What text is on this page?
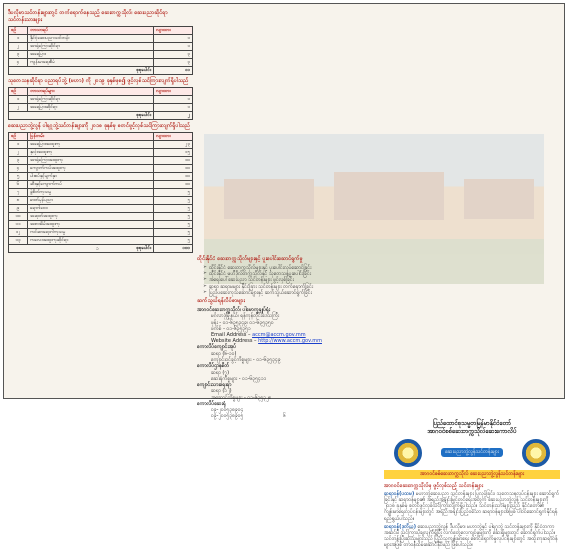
ဒီပလိုမာသင်တန်းများတွင် တက်ရောက်နေသည့် ဆေးတက္ကသိုလ်၊ ဆေးပညာဆိုင်ရာ သင်တန်းသားများ
စဉ်	ဘာသာရပ်	လျာထား
၁	နိုင်ငံ့ဆေးပညာသင်တန်း	၁
၂	အာရုံကြောဆိုင်ရာ	၁
၃	အရေပြား	၃
၄	ကျန်းမာရေးစီမံ	၃
စုစုပေါင်း		၁၁
သုတေသနဆိုင်ရာ ပညာရပ်ဘွဲ့ (မဟာ) ကို ၂၀၁၉ ခုနှစ်မှစ၍ ဖွင့်လှစ်သင်ကြားလျက်ရှိပါသည်
စဉ်	ဘာသာရပ်များ	လျာထား
၁	အာရုံကြောဆိုင်ရာ	၁
၂	အရေပြားဆိုင်ရာ	၁
စုစုပေါင်း		၂
ဆေးပညာဘွဲ့လွန် ပါရဂူဘွဲ့သင်တန်းများကို ၂၀၁၈ ခုနှစ်မှ စတင်ဖွင့်လှစ်သင်ကြားလျက်ရှိပါသည်
စဉ်	ပြန်တမ်း	လျာထား
၁	အရေပြားအထူးကု	၂၃
၂	နှလုံးအထူးကု	၁၅
၃	အာရုံကြောအထူးကု	၁၀
၄	ကျောက်ကပ်အထူးကု	၁၀
၅	ပါးစပ်နှင့်မျက်နှာ	၁၀
၆	ဆီးနှင့်ကျောက်ကပ်	၁၀
၇	ခွဲစိတ်ကုသမှု	၅
၈	ဓာတ်မှန်ပညာ	၅
၉	ရောဂါဗေဒ	၅
၁၀	အဆုတ်အထူးကု	၅
၁၁	အစာအိမ်အထူးကု	၅
၁၂	ကင်ဆာရောဂါကုသမှု	၅
၁၃	ကလေးအထူးကုဆိုင်ရာ	၅
စုစုပေါင်း		၁၀၀
၁
ထိုင်းနိုင်ငံ ဆေးတက္ကသိုလ်များနှင့် ပူးပေါင်းဆောင်ရွက်မှု
➢ ထိုင်းနိုင်ငံ ဆေးတက္ကသိုလ်များနှင့် ပူးပေါင်းလုပ်ဆောင်ခြင်း
➢ ထိုင်းနိုင်ငံ မဟီဒိုလ်တက္ကသိုလ်နှင့် သုတေသနပူးပေါင်းခြင်း
➢ အရေးပေါ်ဆေးပညာ သင်တန်းများ ဖွင့်လှစ်ခြင်း
➢ ဆရာ ဆရာမများ နိုင်ငံခြား သင်တန်းများ တက်ရောက်ခြင်း
➢ ပြည်ပဆေးကုသဆောင်များနှင့် ဆက်သွယ်ဆောင်ရွက်ခြင်း
ဆက်သွယ်ရန်လိပ်စာများ
အာဂဝင်ဆေးတက္ကသိုလ်၊ ပါမောက္ခချုပ်ရုံး
မင်္ဂလာဒုံမြို့နယ်၊ ရန်ကုန်တိုင်းဒေသကြီး
ဖုန်း - ၀၁-၆၃၅၃၄၉၊ ၀၁-၆၃၅၃၅၀
ဖက်စ် - ၀၁-၆၃၅၃၅၁
Email Address – accm@accm.gov.mm
Website Address – http://www.accm.gov.mm
ကောလိပ်ကျောင်းအုပ်
ဆရာ (၆-၁၀)
ကျောင်းဝင်ခွင့်ကိစ္စများ - ၀၁-၆၃၅၃၄၉
ကောလိပ်ဌာနစိတ်
ဆရာ (၇)
ဆေးရုံကိစ္စများ - ၀၁-၆၃၅၄၁၁
ကျောင်းသားရေးရာ
ဆရာ (၁၂)
အဆောင်ကိစ္စများ - ၀၁-၆၃၅၃၂၈
ကောလိပ်ဆေးရုံ
၀၉-၂၀၀၅၃၈၉၀၄
၀၉-၂၀၀၅၃၈၉၀၅	၆
ပြည်ထောင်စုသမ္မတမြန်မာနိုင်ငံတော်
အာဂဝင်စစ်ဆေးတက္ကသိုလ်ဆေးကောလိပ်
ဆေးပညာဘွဲ့လွန်သင်တန်းများ
အာဂဝင်စစ်ဆေးတက္ကသိုလ် ဆေးပညာဘွဲ့လွန်သင်တန်းများ
အာဂဝင်ဆေးတက္ကသိုလ်မှ ဖွင့်လှစ်သည့် သင်တန်းများ
ဆရာဝန်(ပထမ) မဟာဘွဲ့ဆေးပညာ သင်တန်းများ ပြုလုပ်ခြင်း၊ သုတေသနလုပ်ငန်းများ ဆောင်ရွက်ခြင်းနှင့် ဆရာဝန်များ၏ အရည်အချင်းမြှင့်တင်ရေးအတွက် ဆေးပညာဘွဲ့လွန် သင်တန်းများကို ၂၀၁၈ ခုနှစ်မှ စတင်ဖွင့်လှစ်သင်ကြားလျက်ရှိပါသည်။ သင်တန်းသားများသည် နိုင်ငံတော်၏ ကျန်းမာရေးလုပ်ငန်းများတွင် အရည်အချင်းပြည့်ဝသော ဆရာဝန်များအဖြစ် ပါဝင်ဆောင်ရွက်နိုင်ရန် ရည်ရွယ်ပါသည်။
ဆရာဝန်(ဒုတိယ) ဆေးပညာဘွဲ့လွန် ဒီပလိုမာ၊ မဟာဘွဲ့နှင့် ပါရဂူဘွဲ့ သင်တန်းများကို နိုင်ငံတကာအဆင့်မီ သင်ကြားပို့ချလျက်ရှိပြီး လက်တွေ့လေ့ကျင့်မှုများကို ဆေးရုံများတွင် ဆောင်ရွက်ပါသည်။ သင်တန်းပြီးဆုံးသူများသည် ပြည်သူ့ကျန်းမာရေး စောင့်ရှောက်မှုလုပ်ငန်းများတွင် အထူးကုဆရာဝန်များအဖြစ် တာဝန်ထမ်းဆောင်နိုင်မည် ဖြစ်ပါသည်။
